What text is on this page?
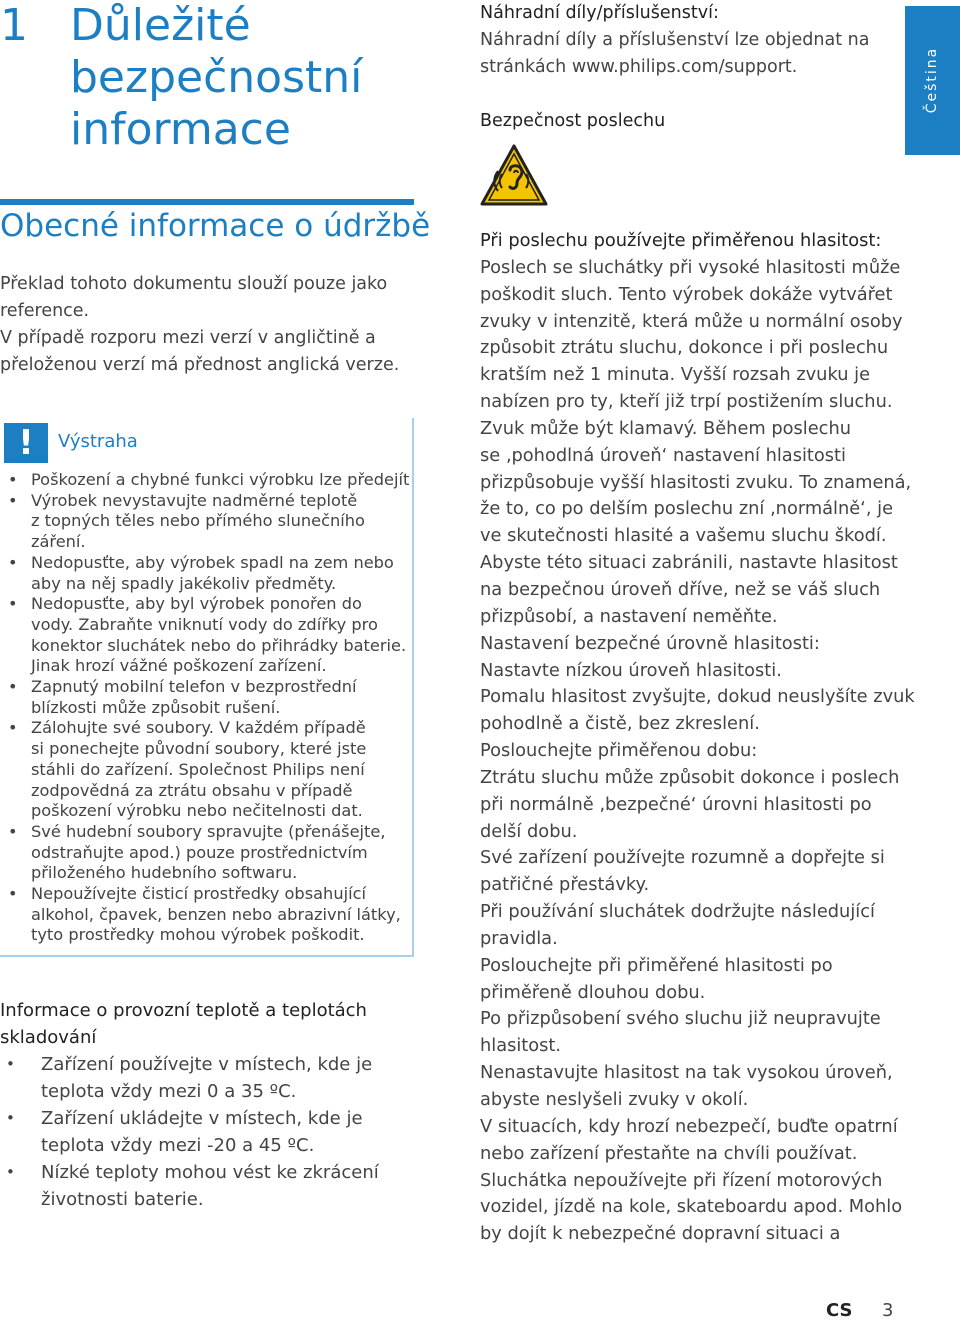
1 Důležité
bezpečnostní
informace
Obecné informace o údržbě

Překlad tohoto dokumentu slouží pouze jako

reference.

V případě rozporu mezi verzí v angličtině a

přeloženou verzí má přednost anglická verze.

!	Výstraha
• Poškození a chybné funkci výrobku lze předejít
• Výrobek nevystavujte nadměrné teplotě
z topných těles nebo přímého slunečního
záření.
• Nedopusťte, aby výrobek spadl na zem nebo
aby na něj spadly jakékoliv předměty.
• Nedopusťte, aby byl výrobek ponořen do
vody. Zabraňte vniknutí vody do zdířky pro
konektor sluchátek nebo do přihrádky baterie.
Jinak hrozí vážné poškození zařízení.
• Zapnutý mobilní telefon v bezprostřední
blízkosti může způsobit rušení.
• Zálohujte své soubory. V každém případě
si ponechejte původní soubory, které jste
stáhli do zařízení. Společnost Philips není
zodpovědná za ztrátu obsahu v případě
poškození výrobku nebo nečitelnosti dat.
• Své hudební soubory spravujte (přenášejte,
odstraňujte apod.) pouze prostřednictvím
přiloženého hudebního softwaru.
• Nepoužívejte čisticí prostředky obsahující
alkohol, čpavek, benzen nebo abrazivní látky,
tyto prostředky mohou výrobek poškodit.
Informace o provozní teplotě a teplotách
skladování
• Zařízení používejte v místech, kde je
teplota vždy mezi 0 a 35 ºC.
• Zařízení ukládejte v místech, kde je
teplota vždy mezi -20 a 45 ºC.
• Nízké teploty mohou vést ke zkrácení
životnosti baterie.
Náhradní díly/příslušenství:
Náhradní díly a příslušenství lze objednat na
stránkách www.philips.com/support.
Bezpečnost poslechu
Při poslechu používejte přiměřenou hlasitost:
Poslech se sluchátky při vysoké hlasitosti může
poškodit sluch. Tento výrobek dokáže vytvářet
zvuky v intenzitě, která může u normální osoby
způsobit ztrátu sluchu, dokonce i při poslechu
kratším než 1 minuta. Vyšší rozsah zvuku je
nabízen pro ty, kteří již trpí postižením sluchu.
Zvuk může být klamavý. Během poslechu
se ‚pohodlná úroveň‘ nastavení hlasitosti
přizpůsobuje vyšší hlasitosti zvuku. To znamená,
že to, co po delším poslechu zní ‚normálně‘, je
ve skutečnosti hlasité a vašemu sluchu škodí.
Abyste této situaci zabránili, nastavte hlasitost
na bezpečnou úroveň dříve, než se váš sluch
přizpůsobí, a nastavení neměňte.
Nastavení bezpečné úrovně hlasitosti:
Nastavte nízkou úroveň hlasitosti.
Pomalu hlasitost zvyšujte, dokud neuslyšíte zvuk
pohodlně a čistě, bez zkreslení.
Poslouchejte přiměřenou dobu:
Ztrátu sluchu může způsobit dokonce i poslech
při normálně ‚bezpečné‘ úrovni hlasitosti po
delší dobu.
Své zařízení používejte rozumně a dopřejte si
patřičné přestávky.
Při používání sluchátek dodržujte následující
pravidla.
Poslouchejte při přiměřené hlasitosti po
přiměřeně dlouhou dobu.
Po přizpůsobení svého sluchu již neupravujte
hlasitost.
Nenastavujte hlasitost na tak vysokou úroveň,
abyste neslyšeli zvuky v okolí.
V situacích, kdy hrozí nebezpečí, buďte opatrní
nebo zařízení přestaňte na chvíli používat.
Sluchátka nepoužívejte při řízení motorových
vozidel, jízdě na kole, skateboardu apod. Mohlo
by dojít k nebezpečné dopravní situaci a
Čeština
CS 3
